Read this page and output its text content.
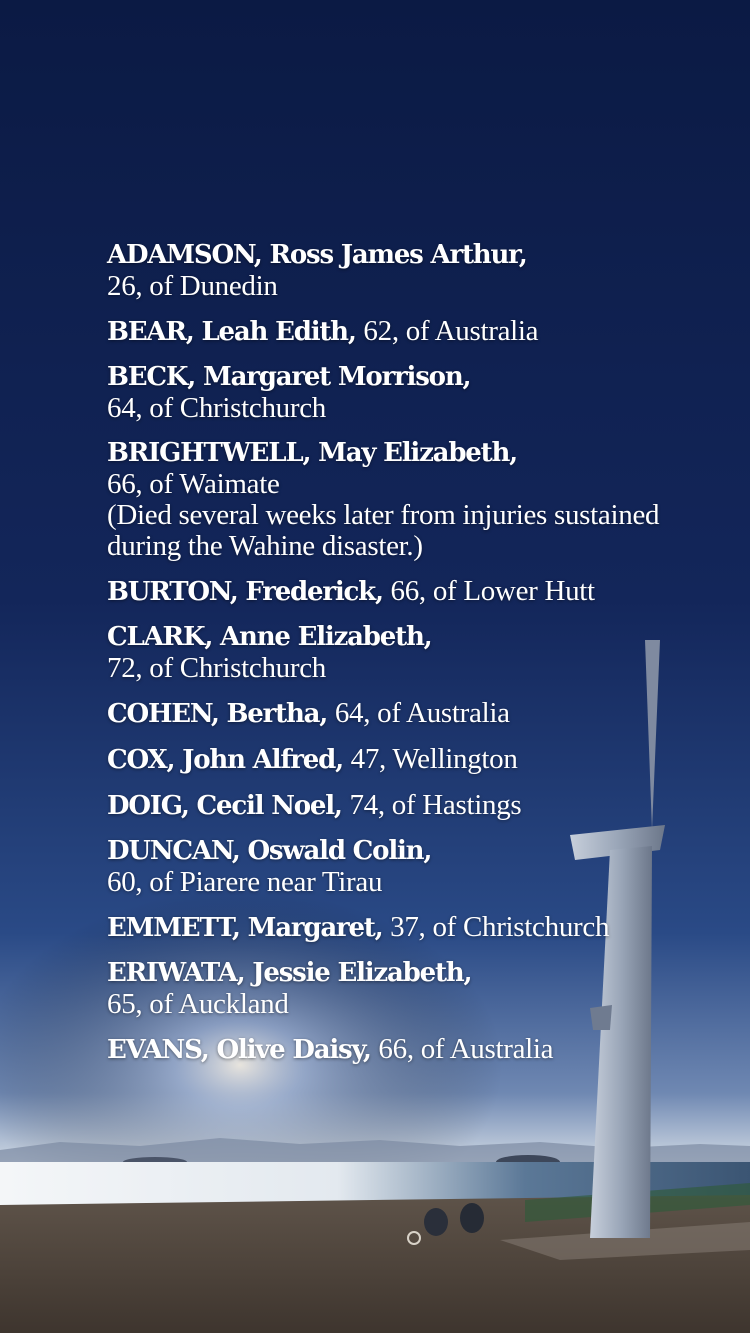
ADAMSON, Ross James Arthur,
26, of Dunedin
BEAR, Leah Edith, 62, of Australia
BECK, Margaret Morrison,
64, of Christchurch
BRIGHTWELL, May Elizabeth,
66, of Waimate
(Died several weeks later from injuries sustained during the Wahine disaster.)
BURTON, Frederick, 66, of Lower Hutt
CLARK, Anne Elizabeth,
72, of Christchurch
COHEN, Bertha, 64, of Australia
COX, John Alfred, 47, Wellington
DOIG, Cecil Noel, 74, of Hastings
DUNCAN, Oswald Colin,
60, of Piarere near Tirau
EMMETT, Margaret, 37, of Christchurch
ERIWATA, Jessie Elizabeth,
65, of Auckland
EVANS, Olive Daisy, 66, of Australia
